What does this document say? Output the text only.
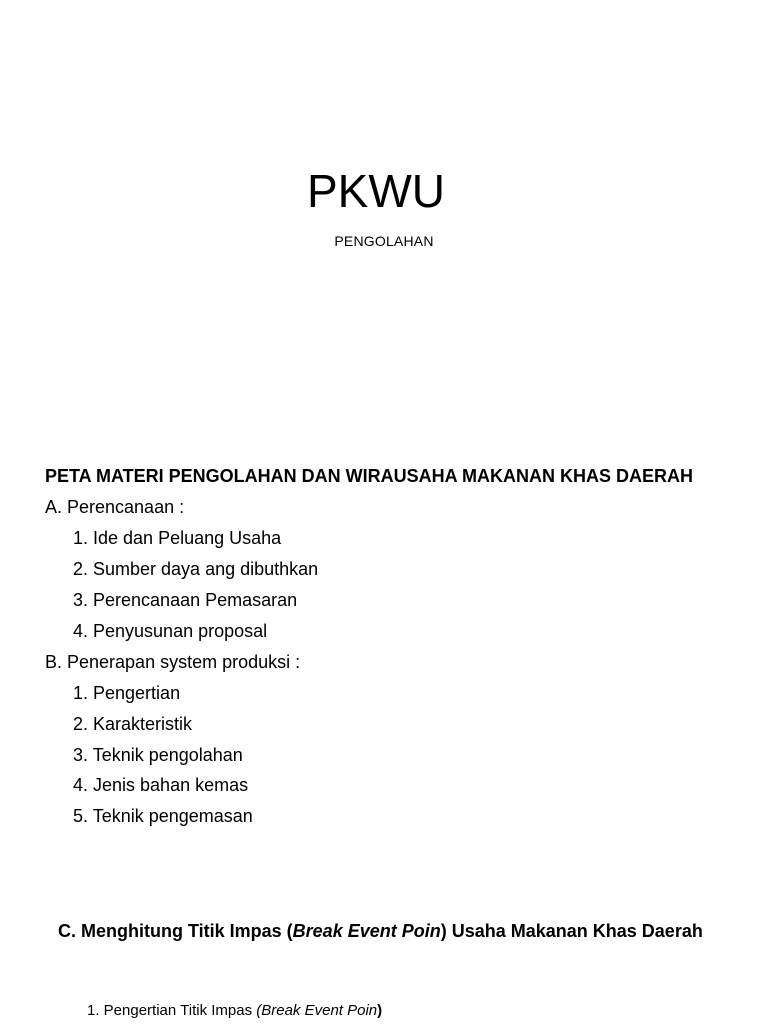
PKWU
PENGOLAHAN
PETA MATERI PENGOLAHAN DAN WIRAUSAHA MAKANAN KHAS DAERAH
A. Perencanaan :
1. Ide dan Peluang Usaha
2. Sumber daya ang dibuthkan
3. Perencanaan Pemasaran
4. Penyusunan proposal
B. Penerapan system produksi :
1. Pengertian
2. Karakteristik
3. Teknik pengolahan
4. Jenis bahan kemas
5. Teknik pengemasan
C. Menghitung Titik Impas (Break Event Poin) Usaha Makanan Khas Daerah
1. Pengertian Titik Impas (Break Event Poin)
